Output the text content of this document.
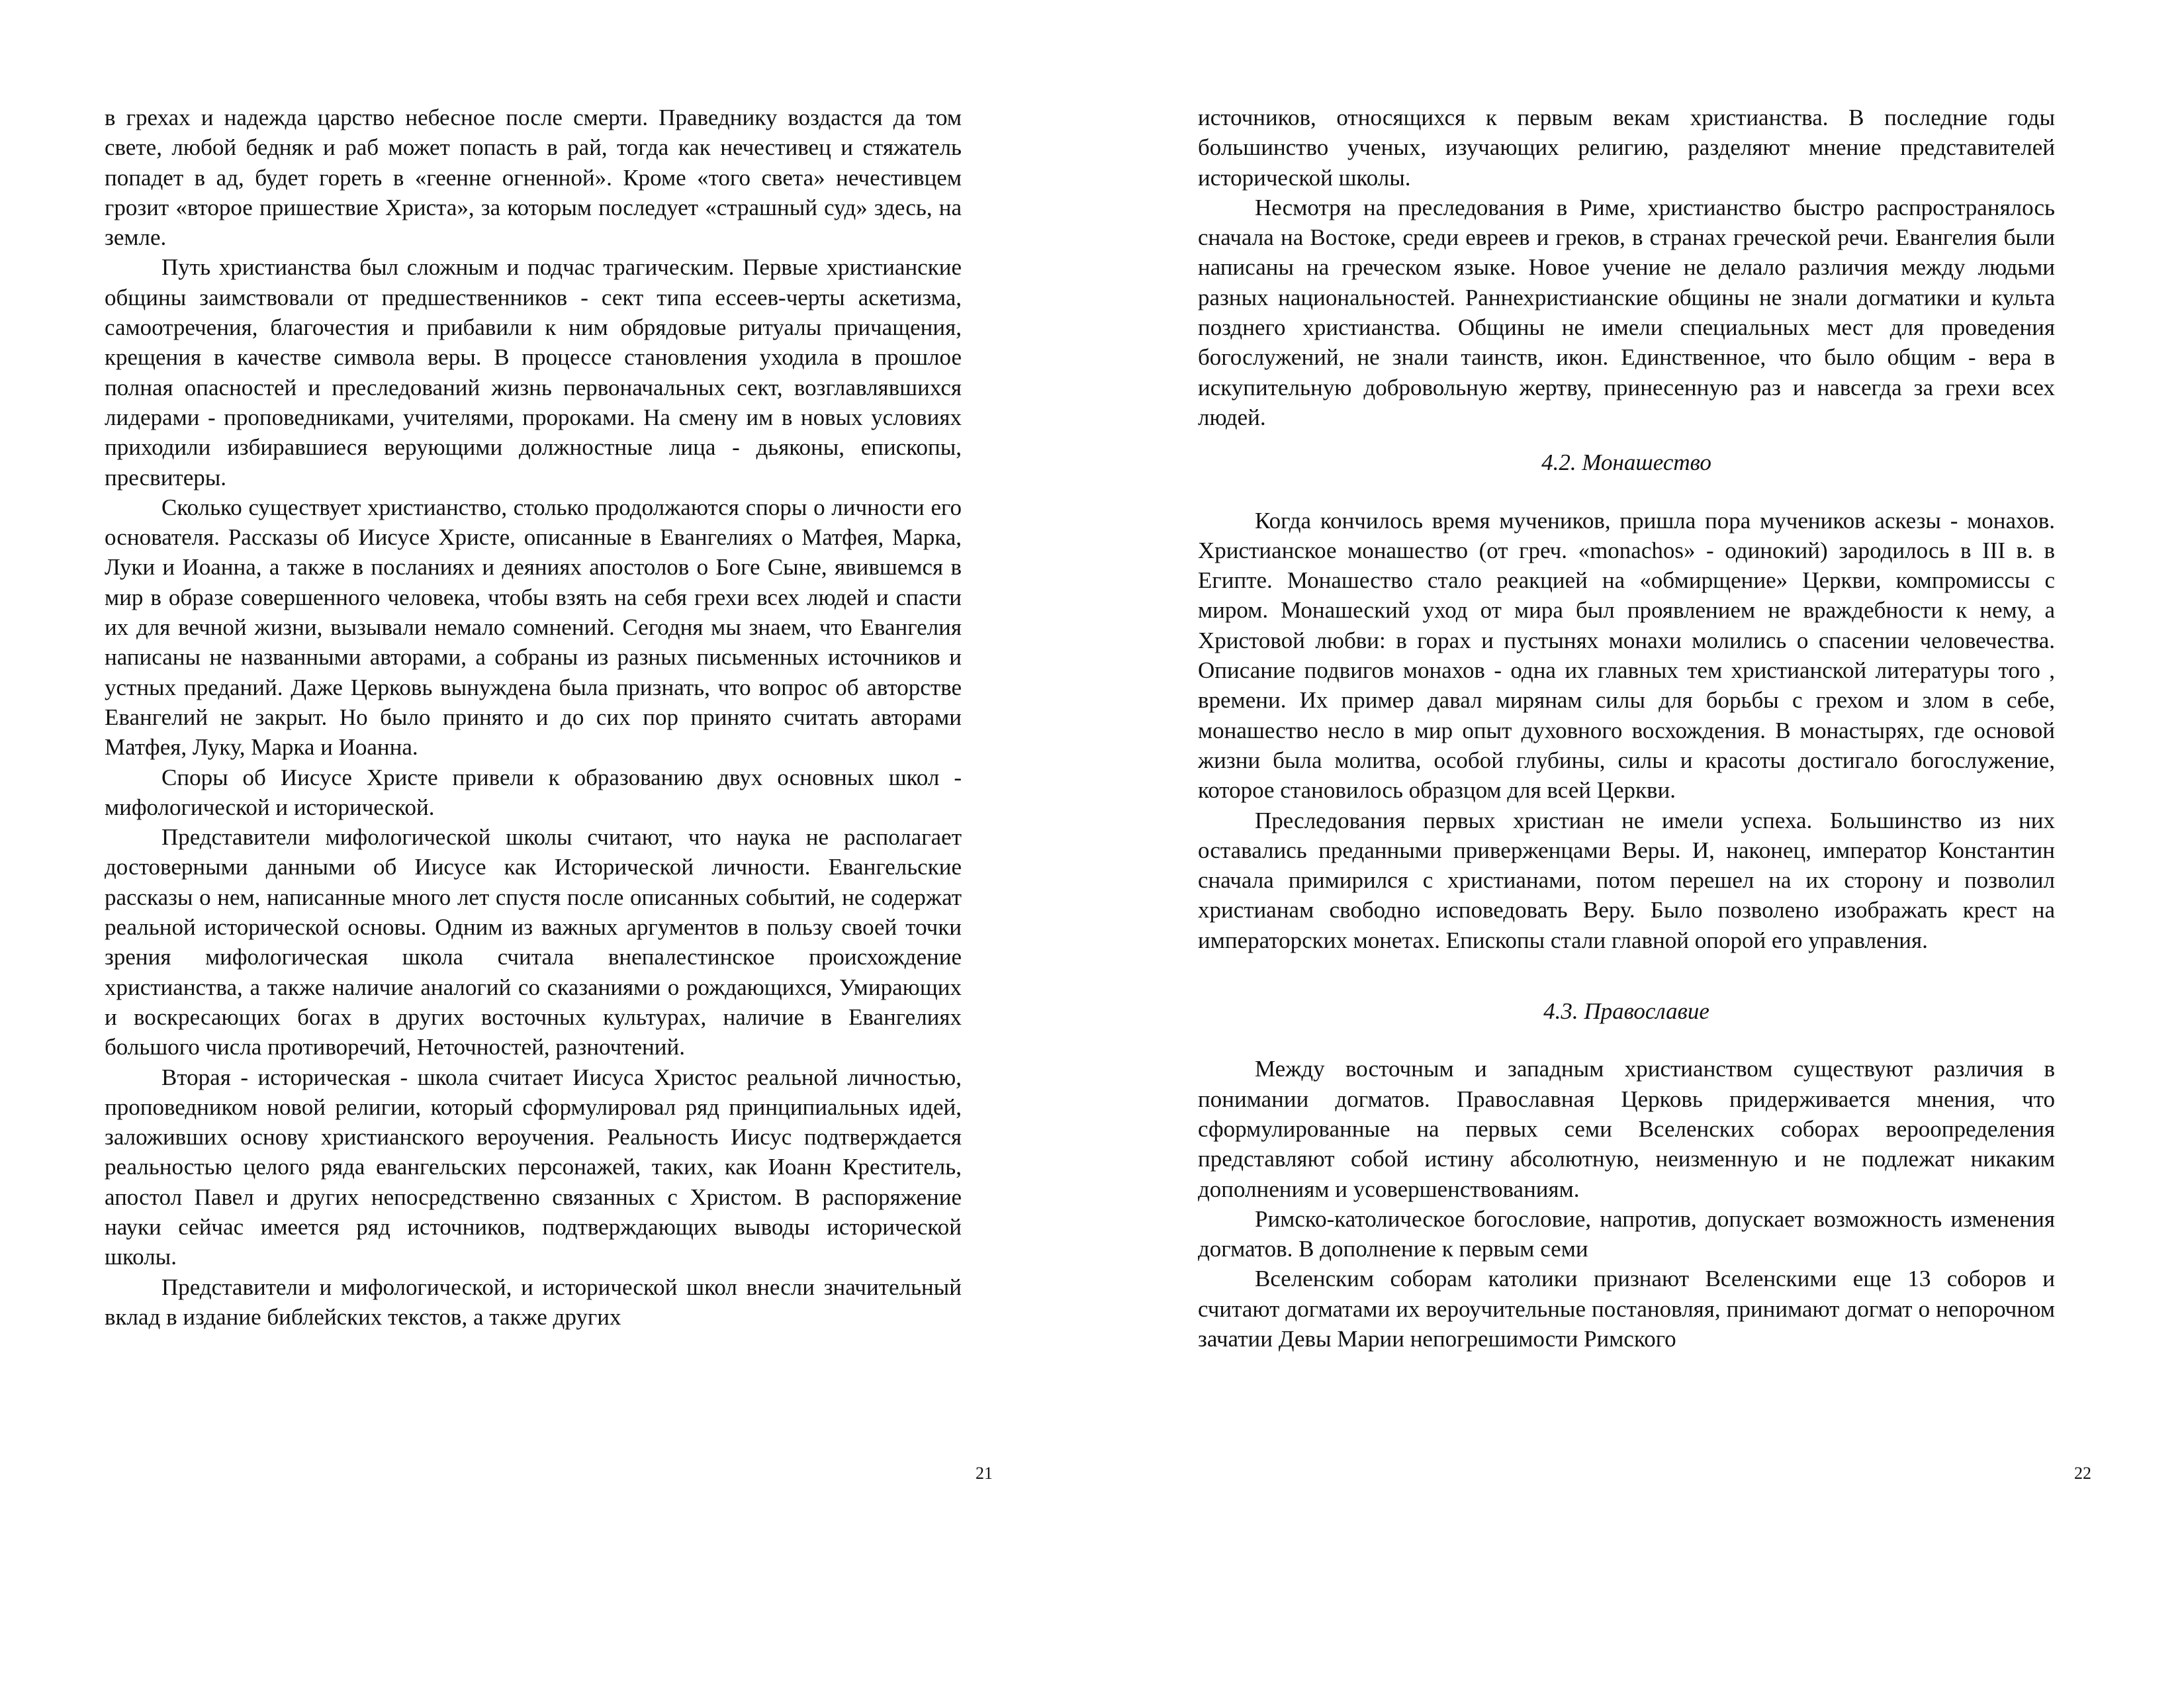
в грехах и надежда царство небесное после смерти. Праведнику воздастся да том свете, любой бедняк и раб может попасть в рай, тогда как нечестивец и стяжатель попадет в ад, будет гореть в «геенне огненной». Кроме «того света» нечестивцем грозит «второе пришествие Христа», за которым последует «страшный суд» здесь, на земле.

Путь христианства был сложным и подчас трагическим. Первые христианские общины заимствовали от предшественников - сект типа ессеев-черты аскетизма, самоотречения, благочестия и прибавили к ним обрядовые ритуалы причащения, крещения в качестве символа веры. В процессе становления уходила в прошлое полная опасностей и преследований жизнь первоначальных сект, возглавлявшихся лидерами - проповедниками, учителями, пророками. На смену им в новых условиях приходили избиравшиеся верующими должностные лица - дьяконы, епископы, пресвитеры.

Сколько существует христианство, столько продолжаются споры о личности его основателя. Рассказы об Иисусе Христе, описанные в Евангелиях о Матфея, Марка, Луки и Иоанна, а также в посланиях и деяниях апостолов о Боге Сыне, явившемся в мир в образе совершенного человека, чтобы взять на себя грехи всех людей и спасти их для вечной жизни, вызывали немало сомнений. Сегодня мы знаем, что Евангелия написаны не названными авторами, а собраны из разных письменных источников и устных преданий. Даже Церковь вынуждена была признать, что вопрос об авторстве Евангелий не закрыт. Но было принято и до сих пор принято считать авторами Матфея, Луку, Марка и Иоанна.

Споры об Иисусе Христе привели к образованию двух основных школ - мифологической и исторической.

Представители мифологической школы считают, что наука не располагает достоверными данными об Иисусе как Исторической личности. Евангельские рассказы о нем, написанные много лет спустя после описанных событий, не содержат реальной исторической основы. Одним из важных аргументов в пользу своей точки зрения мифологическая школа считала внепалестинское происхождение христианства, а также наличие аналогий со сказаниями о рождающихся, Умирающих и воскресающих богах в других восточных культурах, наличие в Евангелиях большого числа противоречий, Неточностей, разночтений.

Вторая - историческая - школа считает Иисуса Христос реальной личностью, проповедником новой религии, который сформулировал ряд принципиальных идей, заложивших основу христианского вероучения. Реальность Иисус подтверждается реальностью целого ряда евангельских персонажей, таких, как Иоанн Креститель, апостол Павел и других непосредственно связанных с Христом. В распоряжение науки сейчас имеется ряд источников, подтверждающих выводы исторической школы.

Представители и мифологической, и исторической школ внесли значительный вклад в издание библейских текстов, а также других

21

источников, относящихся к первым векам христианства. В последние годы большинство ученых, изучающих религию, разделяют мнение представителей исторической школы.

Несмотря на преследования в Риме, христианство быстро распространялось сначала на Востоке, среди евреев и греков, в странах греческой речи. Евангелия были написаны на греческом языке. Новое учение не делало различия между людьми разных национальностей. Раннехристианские общины не знали догматики и культа позднего христианства. Общины не имели специальных мест для проведения богослужений, не знали таинств, икон. Единственное, что было общим - вера в искупительную добровольную жертву, принесенную раз и навсегда за грехи всех людей.

4.2. Монашество

Когда кончилось время мучеников, пришла пора мучеников аскезы - монахов. Христианское монашество (от греч. «monachos» - одинокий) зародилось в III в. в Египте. Монашество стало реакцией на «обмирщение» Церкви, компромиссы с миром. Монашеский уход от мира был проявлением не враждебности к нему, а Христовой любви: в горах и пустынях монахи молились о спасении человечества. Описание подвигов монахов - одна их главных тем христианской литературы того , времени. Их пример давал мирянам силы для борьбы с грехом и злом в себе, монашество несло в мир опыт духовного восхождения. В монастырях, где основой жизни была молитва, особой глубины, силы и красоты достигало богослужение, которое становилось образцом для всей Церкви.

Преследования первых христиан не имели успеха. Большинство из них оставались преданными приверженцами Веры. И, наконец, император Константин сначала примирился с христианами, потом перешел на их сторону и позволил христианам свободно исповедовать Веру. Было позволено изображать крест на императорских монетах. Епископы стали главной опорой его управления.

4.3. Православие

Между восточным и западным христианством существуют различия в понимании догматов. Православная Церковь придерживается мнения, что сформулированные на первых семи Вселенских соборах вероопределения представляют собой истину абсолютную, неизменную и не подлежат никаким дополнениям и усовершенствованиям.

Римско-католическое богословие, напротив, допускает возможность изменения догматов. В дополнение к первым семи

Вселенским соборам католики признают Вселенскими еще 13 соборов и считают догматами их вероучительные постановляя, принимают догмат о непорочном зачатии Девы Марии непогрешимости Римского

22
